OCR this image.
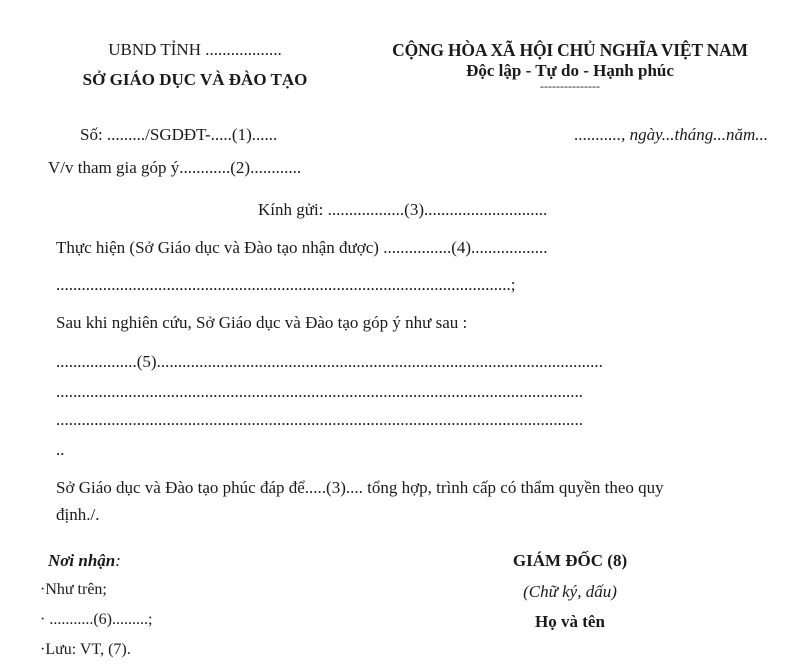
UBND TỈNH ..................
SỞ GIÁO DỤC VÀ ĐÀO TẠO
CỘNG HÒA XÃ HỘI CHỦ NGHĨA VIỆT NAM
Độc lập - Tự do - Hạnh phúc
---------------
Số: ........./SGDĐT-.....(1)......	..........., ngày...tháng...năm...
V/v tham gia góp ý............(2)............
Kính gửi: ..................(3).............................
Thực hiện (Sở Giáo dục và Đào tạo nhận được) ................(4)..................
...........................................................................................................;
Sau khi nghiên cứu, Sở Giáo dục và Đào tạo góp ý như sau :
...................(5).........................................................................................................
............................................................................................................................
............................................................................................................................
..
Sở Giáo dục và Đào tạo phúc đáp để.....(3).... tổng hợp, trình cấp có thẩm quyền theo quy
định./.
Nơi nhận:
·Như trên;
· ...........(6).........;
·Lưu: VT, (7).
GIÁM ĐỐC (8)
(Chữ ký, dấu)
Họ và tên
